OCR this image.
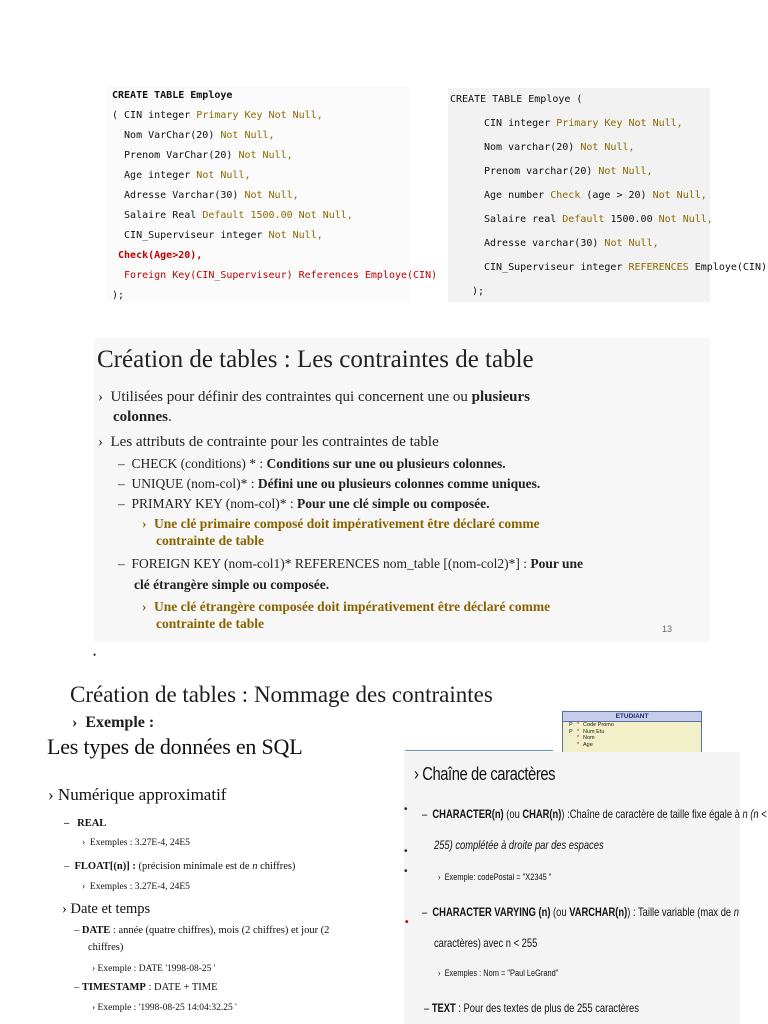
CREATE TABLE Employe

( CIN integer Primary Key Not Null,

Nom VarChar(20) Not Null,

Prenom VarChar(20) Not Null,

Age integer Not Null,

Adresse Varchar(30) Not Null,

Salaire Real Default 1500.00 Not Null,

CIN_Superviseur integer Not Null,

Check(Age>20),

Foreign Key(CIN_Superviseur) References Employe(CIN)

);

CREATE TABLE Employe (

CIN integer Primary Key Not Null,

Nom varchar(20) Not Null,

Prenom varchar(20) Not Null,

Age number Check (age > 20) Not Null,

Salaire real Default 1500.00 Not Null,

Adresse varchar(30) Not Null,

CIN_Superviseur integer REFERENCES Employe(CIN)

);

Création de tables : Les contraintes de table
› Utilisées pour définir des contraintes qui concernent une ou plusieurs
colonnes.
› Les attributs de contrainte pour les contraintes de table
– CHECK (conditions) * : Conditions sur une ou plusieurs colonnes.
– UNIQUE (nom-col)* : Défini une ou plusieurs colonnes comme uniques.
– PRIMARY KEY (nom-col)* : Pour une clé simple ou composée.
› Une clé primaire composé doit impérativement être déclaré comme
contrainte de table
– FOREIGN KEY (nom-col1)* REFERENCES nom_table [(nom-col2)*] : Pour une
clé étrangère simple ou composée.
› Une clé étrangère composée doit impérativement être déclaré comme
contrainte de table	13
•
Création de tables : Nommage des contraintes
› Exemple :	ETUDIANT
P * Code Promo
P * Num Etu
* Nom
* Age
Les types de données en SQL
› Numérique approximatif
– REAL
› Exemples : 3.27E-4, 24E5
– FLOAT[(n)] : (précision minimale est de n chiffres)
› Exemples : 3.27E-4, 24E5
› Date et temps
– DATE : année (quatre chiffres), mois (2 chiffres) et jour (2
chiffres)
› Exemple : DATE '1998-08-25 '
– TIMESTAMP : DATE + TIME
› Exemple : '1998-08-25 14:04:32.25 '
› Chaîne de caractères
– CHARACTER(n) (ou CHAR(n)) :Chaîne de caractère de taille fixe égale à n (n <
255) complétée à droite par des espaces
› Exemple: codePostal = "X2345 "
– CHARACTER VARYING (n) (ou VARCHAR(n)) : Taille variable (max de n
caractères) avec n < 255
› Exemples : Nom = "Paul LeGrand"
– TEXT : Pour des textes de plus de 255 caractères
•
•
•
•
